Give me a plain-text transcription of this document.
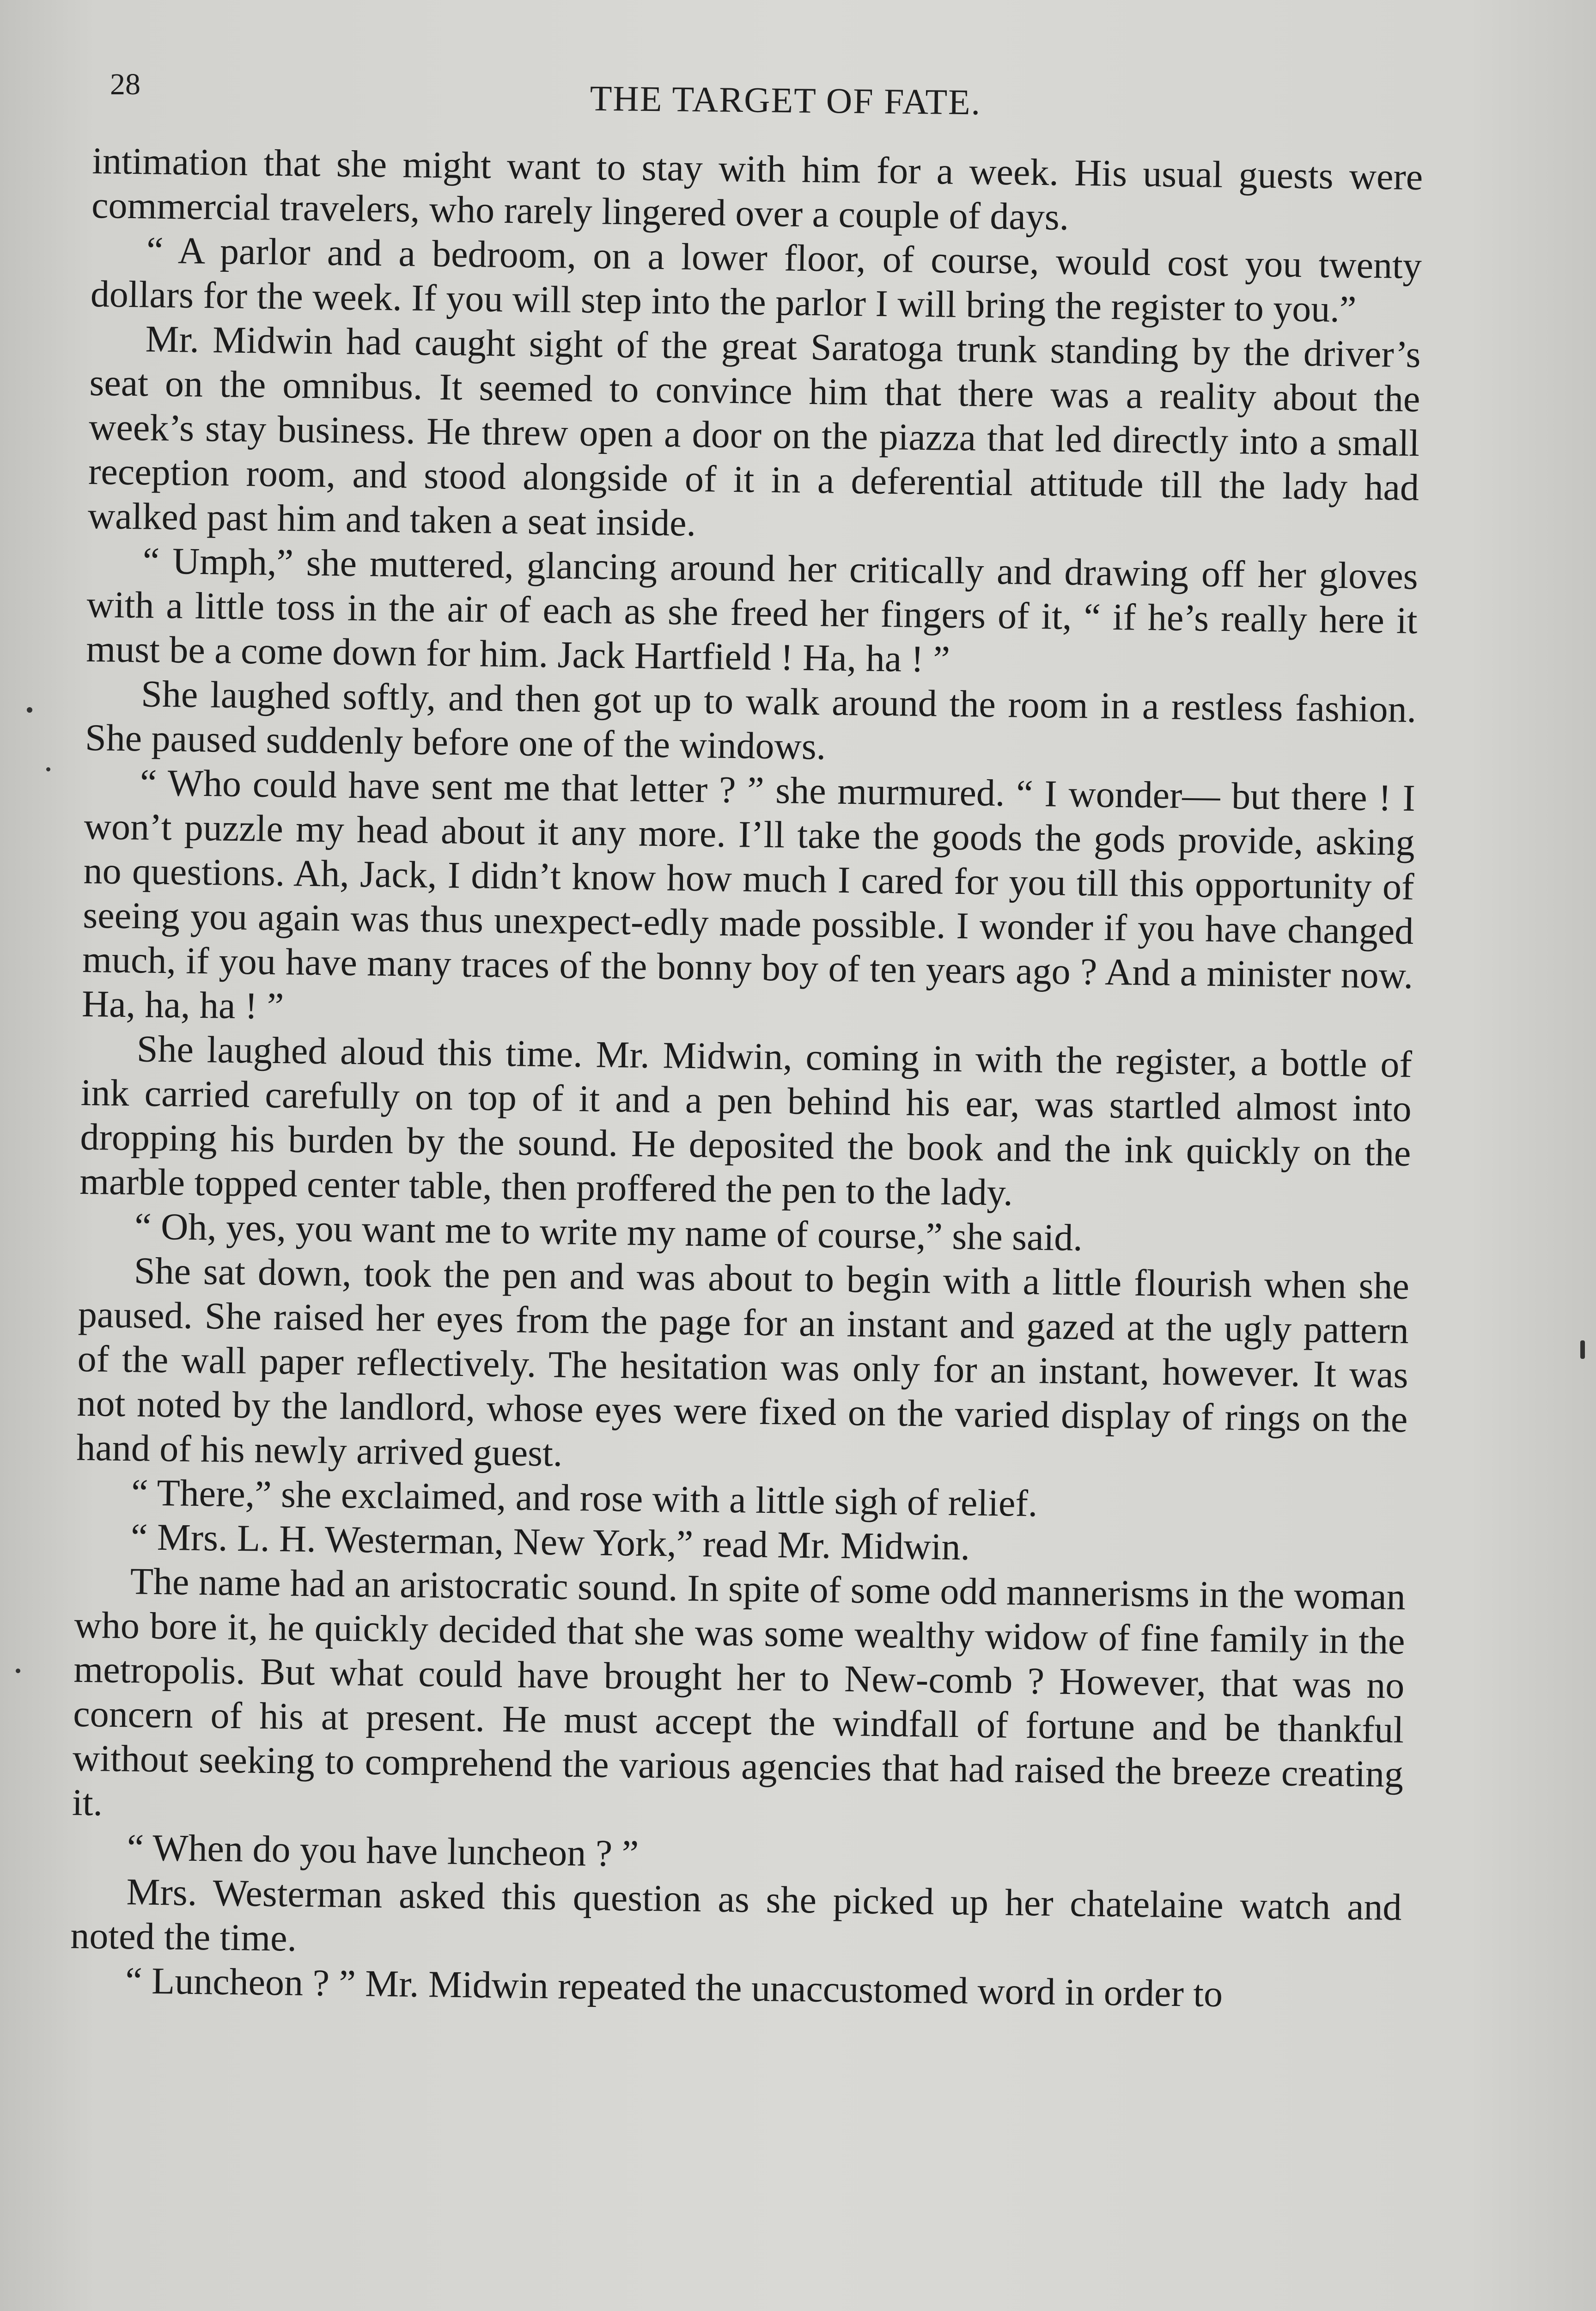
28	THE TARGET OF FATE.

intimation that she might want to stay with him for a week. His usual guests were commercial travelers, who rarely lingered over a couple of days.

“ A parlor and a bedroom, on a lower floor, of course, would cost you twenty dollars for the week. If you will step into the parlor I will bring the register to you.”

Mr. Midwin had caught sight of the great Saratoga trunk standing by the driver’s seat on the omnibus. It seemed to convince him that there was a reality about the week’s stay business. He threw open a door on the piazza that led directly into a small reception room, and stood alongside of it in a deferential attitude till the lady had walked past him and taken a seat inside.

“ Umph,” she muttered, glancing around her critically and drawing off her gloves with a little toss in the air of each as she freed her fingers of it, “ if he’s really here it must be a come down for him. Jack Hartfield ! Ha, ha ! ”

She laughed softly, and then got up to walk around the room in a restless fashion. She paused suddenly before one of the windows.

“ Who could have sent me that letter ? ” she murmured. “ I wonder— but there ! I won’t puzzle my head about it any more. I’ll take the goods the gods provide, asking no questions. Ah, Jack, I didn’t know how much I cared for you till this opportunity of seeing you again was thus unexpect-edly made possible. I wonder if you have changed much, if you have many traces of the bonny boy of ten years ago ? And a minister now. Ha, ha, ha ! ”

She laughed aloud this time. Mr. Midwin, coming in with the register, a bottle of ink carried carefully on top of it and a pen behind his ear, was startled almost into dropping his burden by the sound. He deposited the book and the ink quickly on the marble topped center table, then proffered the pen to the lady.

“ Oh, yes, you want me to write my name of course,” she said.

She sat down, took the pen and was about to begin with a little flourish when she paused. She raised her eyes from the page for an instant and gazed at the ugly pattern of the wall paper reflectively. The hesitation was only for an instant, however. It was not noted by the landlord, whose eyes were fixed on the varied display of rings on the hand of his newly arrived guest.

“ There,” she exclaimed, and rose with a little sigh of relief.

“ Mrs. L. H. Westerman, New York,” read Mr. Midwin.

The name had an aristocratic sound. In spite of some odd mannerisms in the woman who bore it, he quickly decided that she was some wealthy widow of fine family in the metropolis. But what could have brought her to New-comb ? However, that was no concern of his at present. He must accept the windfall of fortune and be thankful without seeking to comprehend the various agencies that had raised the breeze creating it.

“ When do you have luncheon ? ”

Mrs. Westerman asked this question as she picked up her chatelaine watch and noted the time.

“ Luncheon ? ” Mr. Midwin repeated the unaccustomed word in order to
